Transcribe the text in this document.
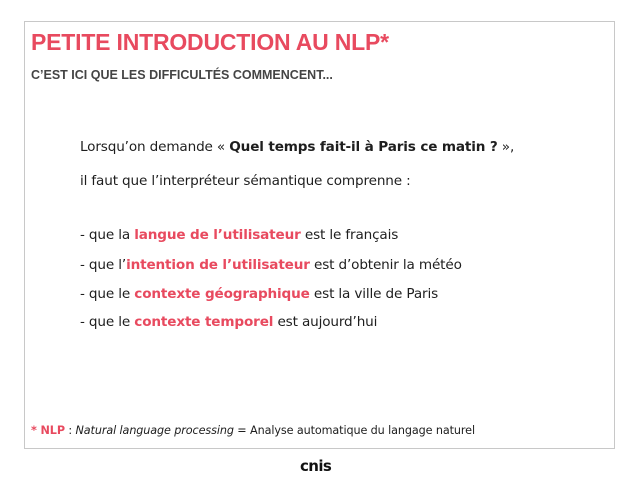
PETITE INTRODUCTION AU NLP*
C’EST ICI QUE LES DIFFICULTÉS COMMENCENT...

Lorsqu’on demande « Quel temps fait-il à Paris ce matin ? »,

il faut que l’interpréteur sémantique comprenne :

- que la langue de l’utilisateur est le français

- que l’intention de l’utilisateur est d’obtenir la météo

- que le contexte géographique est la ville de Paris

- que le contexte temporel est aujourd’hui

* NLP : Natural language processing = Analyse automatique du langage naturel

cnis
